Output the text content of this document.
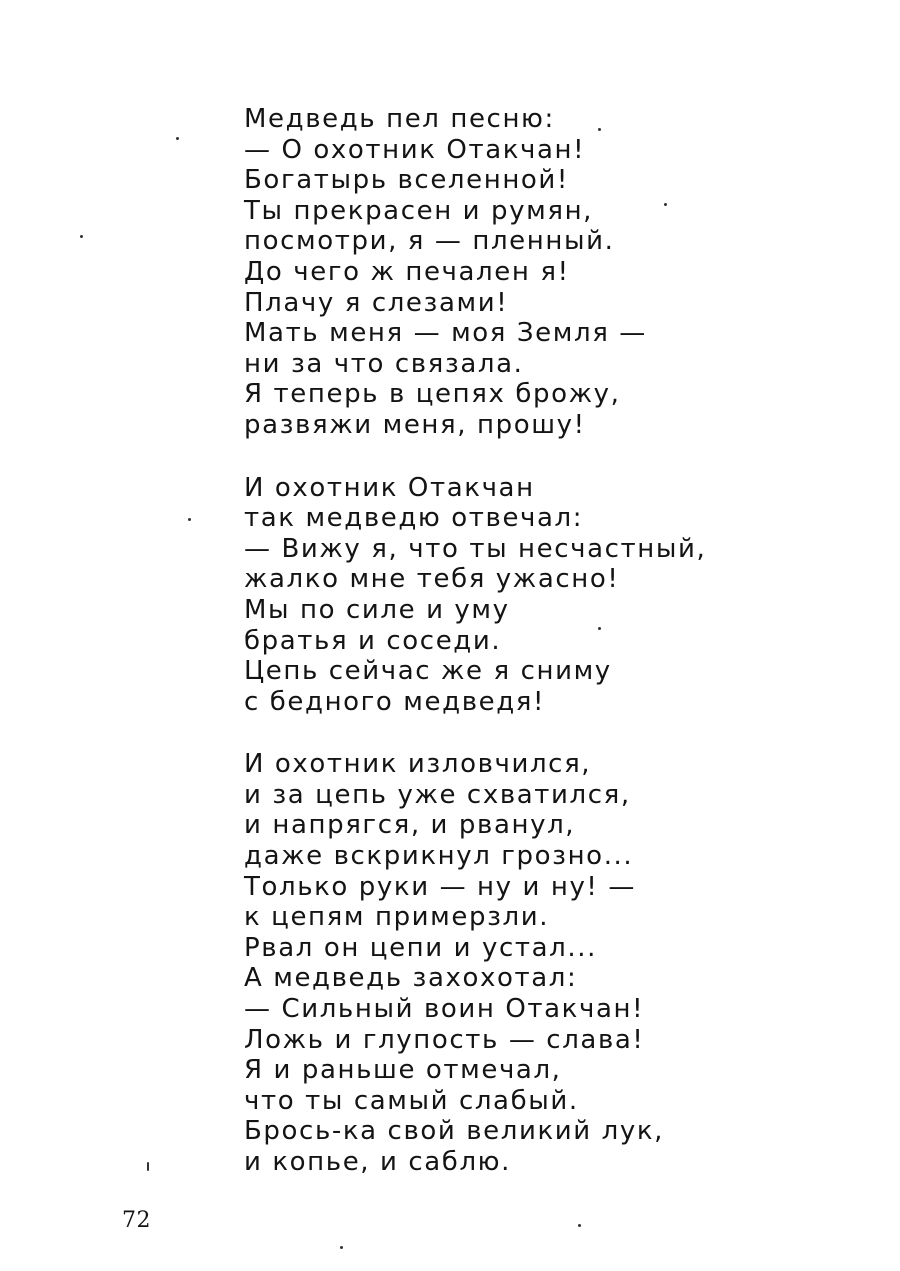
Медведь пел песню:
— О охотник Отакчан!
Богатырь вселенной!
Ты прекрасен и румян,
посмотри, я — пленный.
До чего ж печален я!
Плачу я слезами!
Мать меня — моя Земля —
ни за что связала.
Я теперь в цепях брожу,
развяжи меня, прошу!
И охотник Отакчан
так медведю отвечал:
— Вижу я, что ты несчастный,
жалко мне тебя ужасно!
Мы по силе и уму
братья и соседи.
Цепь сейчас же я сниму
с бедного медведя!
И охотник изловчился,
и за цепь уже схватился,
и напрягся, и рванул,
даже вскрикнул грозно...
Только руки — ну и ну! —
к цепям примерзли.
Рвал он цепи и устал...
А медведь захохотал:
— Сильный воин Отакчан!
Ложь и глупость — слава!
Я и раньше отмечал,
что ты самый слабый.
Брось-ка свой великий лук,
и копье, и саблю.
72
